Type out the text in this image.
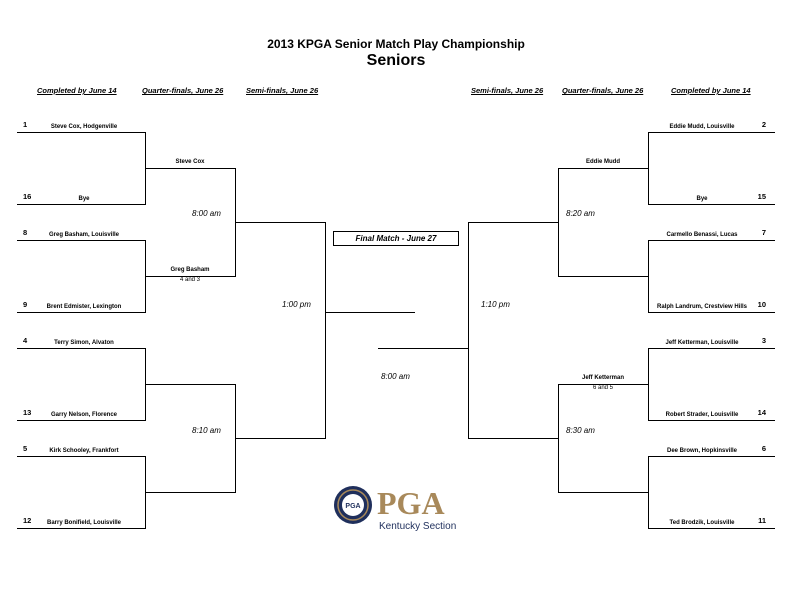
2013 KPGA Senior Match Play Championship
Seniors
Completed by June 14	Quarter-finals, June 26	Semi-finals, June 26	Semi-finals, June 26	Quarter-finals, June 26	Completed by June 14
1	Steve Cox, Hodgenville
16	Bye
8	Greg Basham, Louisville
9	Brent Edmister, Lexington
4	Terry Simon, Alvaton
13	Garry Nelson, Florence
5	Kirk Schooley, Frankfort
12	Barry Bonifield, Louisville
Steve Cox
Greg Basham
4 and 3
8:00 am
8:10 am
1:00 pm
2
Eddie Mudd, Louisville
15
Bye
7
Carmello Benassi, Lucas
10
Ralph Landrum, Crestview Hills
3
Jeff Ketterman, Louisville
14
Robert Strader, Louisville
6
Dee Brown, Hopkinsville
11
Ted Brodzik, Louisville
Eddie Mudd
Jeff Ketterman
6 and 5
8:20 am
8:30 am
1:10 pm
Final Match - June 27
8:00 am
PGA PGA
Kentucky Section
